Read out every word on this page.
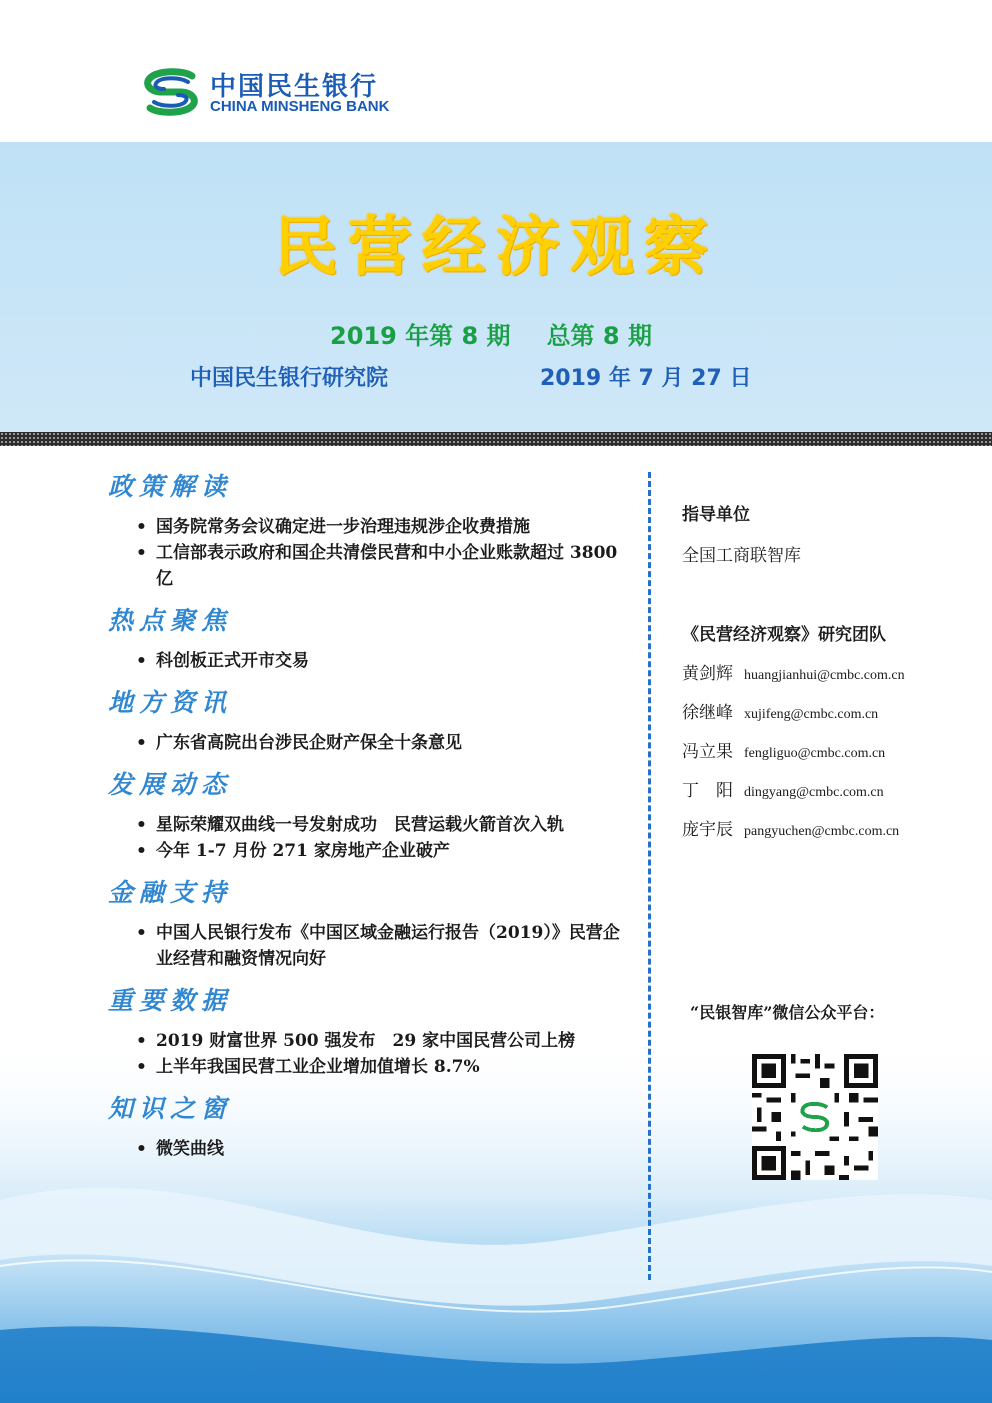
中国民生银行
CHINA MINSHENG BANK
民营经济观察
2019 年第 8 期 总第 8 期
中国民生银行研究院	2019 年 7 月 27 日
政策解读
• 国务院常务会议确定进一步治理违规涉企收费措施
• 工信部表示政府和国企共清偿民营和中小企业账款超过 3800 亿
热点聚焦
• 科创板正式开市交易
地方资讯
• 广东省高院出台涉民企财产保全十条意见
发展动态
• 星际荣耀双曲线一号发射成功　民营运载火箭首次入轨
• 今年 1-7 月份 271 家房地产企业破产
金融支持
• 中国人民银行发布《中国区域金融运行报告（2019）》民营企业经营和融资情况向好
重要数据
• 2019 财富世界 500 强发布　29 家中国民营公司上榜
• 上半年我国民营工业企业增加值增长 8.7%
知识之窗
• 微笑曲线
指导单位
全国工商联智库
《民营经济观察》研究团队
黄剑辉 huangjianhui@cmbc.com.cn
徐继峰 xujifeng@cmbc.com.cn
冯立果 fengliguo@cmbc.com.cn
丁　阳 dingyang@cmbc.com.cn
庞宇辰 pangyuchen@cmbc.com.cn
“民银智库”微信公众平台：
